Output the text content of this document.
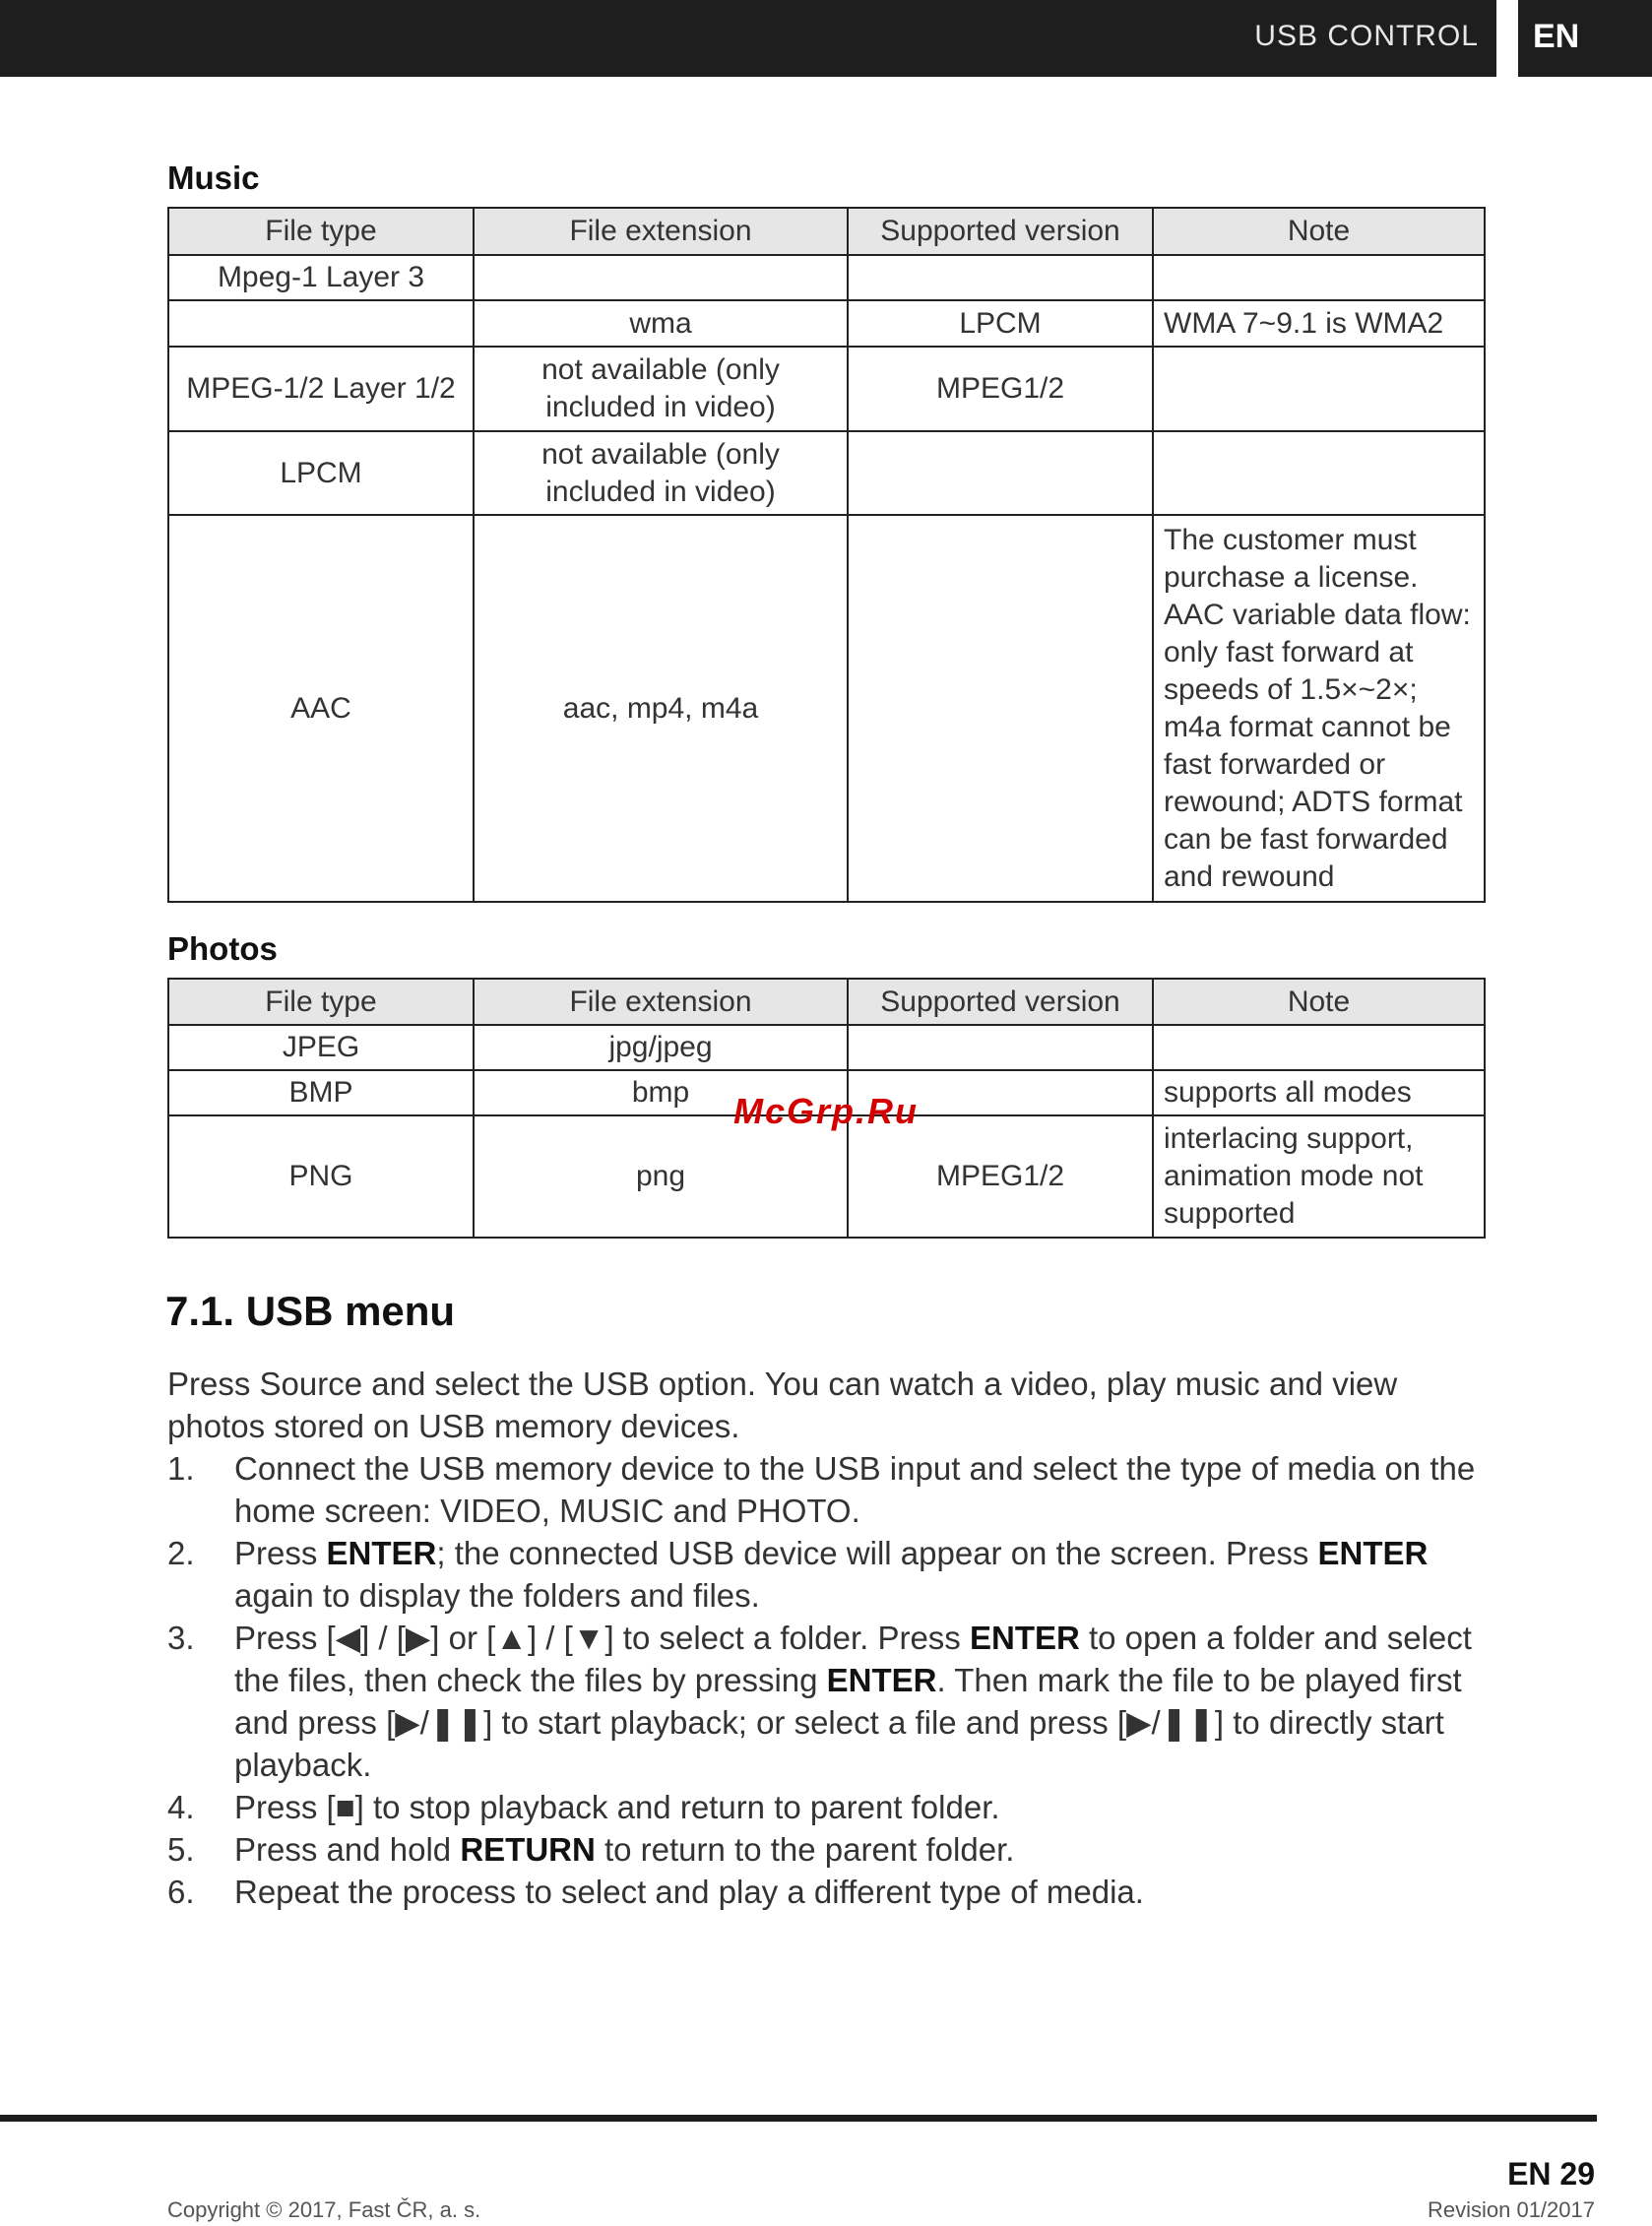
USB CONTROL EN
Music
File type	File extension	Supported version	Note
Mpeg-1 Layer 3			
	wma	LPCM	WMA 7~9.1 is WMA2
MPEG-1/2 Layer 1/2	not available (only included in video)	MPEG1/2	
LPCM	not available (only included in video)		
AAC	aac, mp4, m4a		The customer must purchase a license. AAC variable data flow: only fast forward at speeds of 1.5×~2×; m4a format cannot be fast forwarded or rewound; ADTS format can be fast forwarded and rewound
Photos
File type	File extension	Supported version	Note
JPEG	jpg/jpeg		
BMP	bmp		supports all modes
PNG	png	MPEG1/2	interlacing support, animation mode not supported
McGrp.Ru
7.1. USB menu
Press Source and select the USB option. You can watch a video, play music and view photos stored on USB memory devices.
1. Connect the USB memory device to the USB input and select the type of media on the home screen: VIDEO, MUSIC and PHOTO.
2. Press ENTER; the connected USB device will appear on the screen. Press ENTER again to display the folders and files.
3. Press [◀] / [▶] or [▲] / [▼] to select a folder. Press ENTER to open a folder and select the files, then check the files by pressing ENTER. Then mark the file to be played first and press [▶/❚❚] to start playback; or select a file and press [▶/❚❚] to directly start playback.
4. Press [■] to stop playback and return to parent folder.
5. Press and hold RETURN to return to the parent folder.
6. Repeat the process to select and play a different type of media.
EN 29
Copyright © 2017, Fast ČR, a. s.	Revision 01/2017
